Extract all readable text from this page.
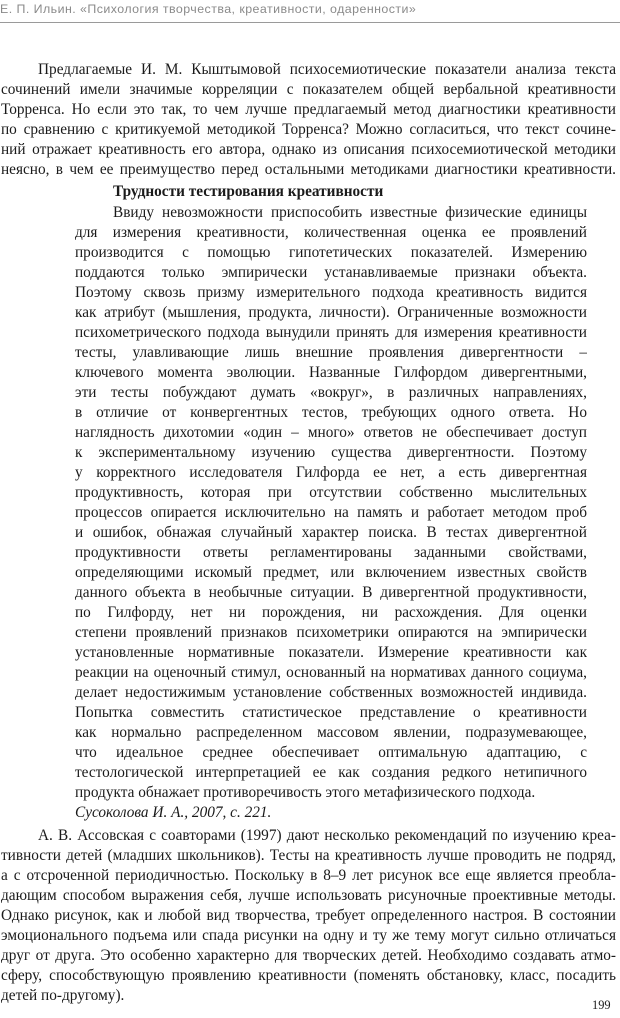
Е. П. Ильин. «Психология творчества, креативности, одаренности»
Предлагаемые И. М. Кыштымовой психосемиотические показатели анализа текста
сочинений имели значимые корреляции с показателем общей вербальной креативности
Торренса. Но если это так, то чем лучше предлагаемый метод диагностики креативности
по сравнению с критикуемой методикой Торренса? Можно согласиться, что текст сочине-
ний отражает креативность его автора, однако из описания психосемиотической методики
неясно, в чем ее преимущество перед остальными методиками диагностики креативности.
Трудности тестирования креативности
Ввиду невозможности приспособить известные физические единицы
для измерения креативности, количественная оценка ее проявлений
производится с помощью гипотетических показателей. Измерению
поддаются только эмпирически устанавливаемые признаки объекта.
Поэтому сквозь призму измерительного подхода креативность видится
как атрибут (мышления, продукта, личности). Ограниченные возможности
психометрического подхода вынудили принять для измерения креативности
тесты, улавливающие лишь внешние проявления дивергентности –
ключевого момента эволюции. Названные Гилфордом дивергентными,
эти тесты побуждают думать «вокруг», в различных направлениях,
в отличие от конвергентных тестов, требующих одного ответа. Но
наглядность дихотомии «один – много» ответов не обеспечивает доступ
к экспериментальному изучению существа дивергентности. Поэтому
у корректного исследователя Гилфорда ее нет, а есть дивергентная
продуктивность, которая при отсутствии собственно мыслительных
процессов опирается исключительно на память и работает методом проб
и ошибок, обнажая случайный характер поиска. В тестах дивергентной
продуктивности ответы регламентированы заданными свойствами,
определяющими искомый предмет, или включением известных свойств
данного объекта в необычные ситуации. В дивергентной продуктивности,
по Гилфорду, нет ни порождения, ни расхождения. Для оценки
степени проявлений признаков психометрики опираются на эмпирически
установленные нормативные показатели. Измерение креативности как
реакции на оценочный стимул, основанный на нормативах данного социума,
делает недостижимым установление собственных возможностей индивида.
Попытка совместить статистическое представление о креативности
как нормально распределенном массовом явлении, подразумевающее,
что идеальное среднее обеспечивает оптимальную адаптацию, с
тестологической интерпретацией ее как создания редкого нетипичного
продукта обнажает противоречивость этого метафизического подхода.
Сусоколова И. А., 2007, с. 221.
А. В. Ассовская с соавторами (1997) дают несколько рекомендаций по изучению креа-
тивности детей (младших школьников). Тесты на креативность лучше проводить не подряд,
а с отсроченной периодичностью. Поскольку в 8–9 лет рисунок все еще является преобла-
дающим способом выражения себя, лучше использовать рисуночные проективные методы.
Однако рисунок, как и любой вид творчества, требует определенного настроя. В состоянии
эмоционального подъема или спада рисунки на одну и ту же тему могут сильно отличаться
друг от друга. Это особенно характерно для творческих детей. Необходимо создавать атмо-
сферу, способствующую проявлению креативности (поменять обстановку, класс, посадить
детей по-другому).
199
